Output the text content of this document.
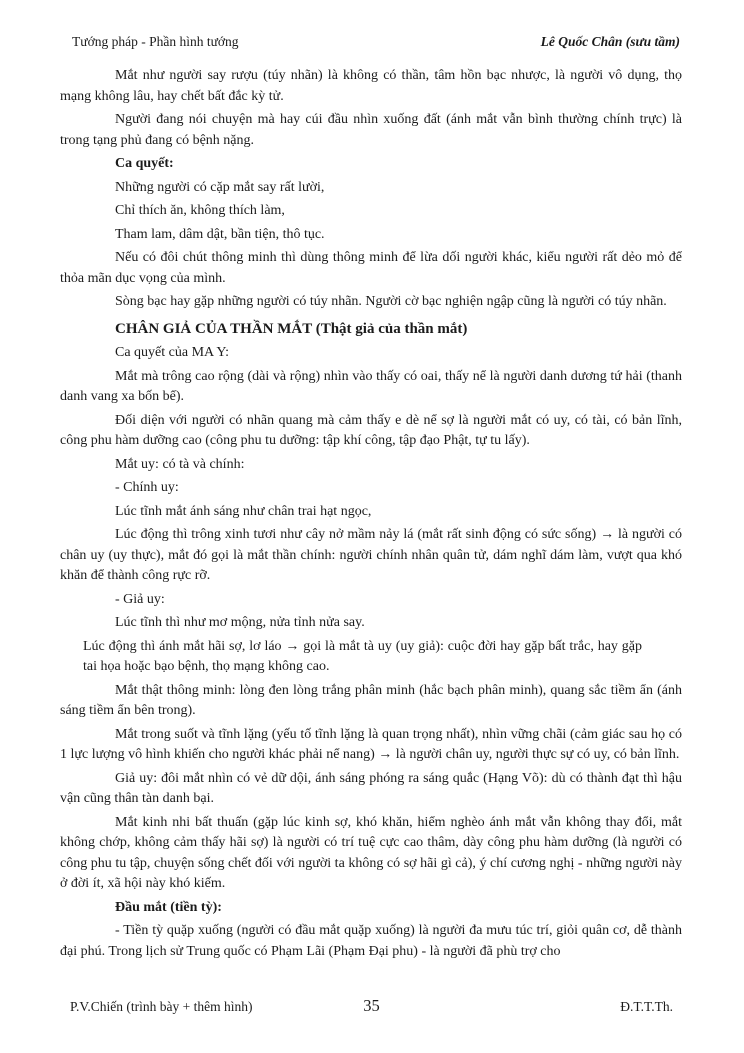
Tướng pháp - Phần hình tướng	Lê Quốc Chân (sưu tầm)

Mắt như người say rượu (túy nhãn) là không có thần, tâm hồn bạc nhược, là người vô dụng, thọ mạng không lâu, hay chết bất đắc kỳ tử.

Người đang nói chuyện mà hay cúi đầu nhìn xuống đất (ánh mắt vẫn bình thường chính trực) là trong tạng phủ đang có bệnh nặng.

Ca quyết:

Những người có cặp mắt say rất lười,

Chỉ thích ăn, không thích làm,

Tham lam, dâm dật, bần tiện, thô tục.

Nếu có đôi chút thông minh thì dùng thông minh để lừa dối người khác, kiểu người rất dẻo mỏ để thỏa mãn dục vọng của mình.

Sòng bạc hay gặp những người có túy nhãn. Người cờ bạc nghiện ngập cũng là người có túy nhãn.

CHÂN GIẢ CỦA THẦN MẮT (Thật giả của thần mắt)

Ca quyết của MA Y:

Mắt mà trông cao rộng (dài và rộng) nhìn vào thấy có oai, thấy nể là người danh dương tứ hải (thanh danh vang xa bốn bể).

Đối diện với người có nhãn quang mà cảm thấy e dè nể sợ là người mắt có uy, có tài, có bản lĩnh, công phu hàm dưỡng cao (công phu tu dưỡng: tập khí công, tập đạo Phật, tự tu lấy).

Mắt uy: có tà và chính:

- Chính uy:

Lúc tĩnh mắt ánh sáng như chân trai hạt ngọc,

Lúc động thì trông xinh tươi như cây nở mầm nảy lá (mắt rất sinh động có sức sống) → là người có chân uy (uy thực), mắt đó gọi là mắt thần chính: người chính nhân quân tử, dám nghĩ dám làm, vượt qua khó khăn để thành công rực rỡ.

- Giả uy:

Lúc tĩnh thì như mơ mộng, nửa tỉnh nửa say.

Lúc động thì ánh mắt hãi sợ, lơ láo → gọi là mắt tà uy (uy giả): cuộc đời hay gặp bất trắc, hay gặp tai họa hoặc bạo bệnh, thọ mạng không cao.

Mắt thật thông minh: lòng đen lòng trắng phân minh (hắc bạch phân minh), quang sắc tiềm ẩn (ánh sáng tiềm ẩn bên trong).

Mắt trong suốt và tĩnh lặng (yếu tố tĩnh lặng là quan trọng nhất), nhìn vững chãi (cảm giác sau họ có 1 lực lượng vô hình khiến cho người khác phải nể nang) → là người chân uy, người thực sự có uy, có bản lĩnh.

Giả uy: đôi mắt nhìn có vẻ dữ dội, ánh sáng phóng ra sáng quắc (Hạng Võ): dù có thành đạt thì hậu vận cũng thân tàn danh bại.

Mắt kinh nhi bất thuấn (gặp lúc kinh sợ, khó khăn, hiểm nghèo ánh mắt vẫn không thay đổi, mắt không chớp, không cảm thấy hãi sợ) là người có trí tuệ cực cao thâm, dày công phu hàm dưỡng (là người có công phu tu tập, chuyện sống chết đối với người ta không có sợ hãi gì cả), ý chí cương nghị - những người này ở đời ít, xã hội này khó kiếm.

Đầu mắt (tiền tỳ):

- Tiền tỳ quặp xuống (người có đầu mắt quặp xuống) là người đa mưu túc trí, giỏi quân cơ, dễ thành đại phú. Trong lịch sử Trung quốc có Phạm Lãi (Phạm Đại phu) - là người đã phù trợ cho

P.V.Chiến (trình bày + thêm hình)	35	Đ.T.T.Th.
